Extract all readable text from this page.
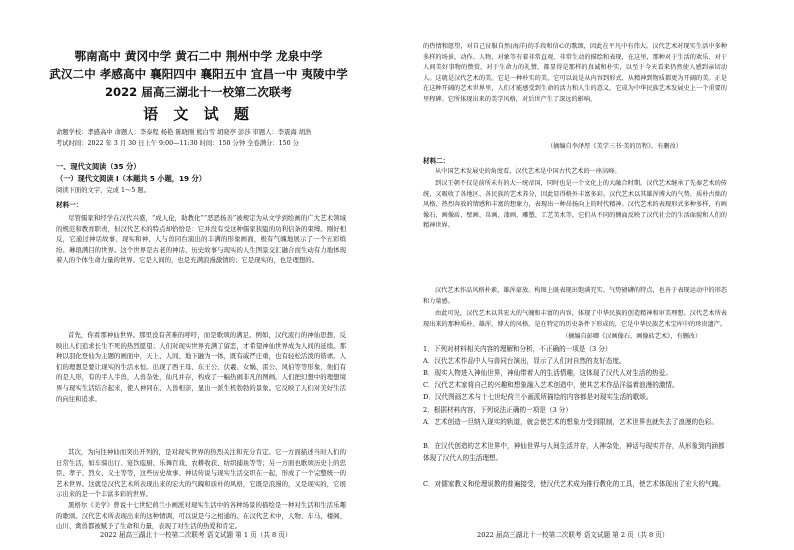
鄂南高中 黄冈中学 黄石二中 荆州中学 龙泉中学
武汉二中 孝感高中 襄阳四中 襄阳五中 宜昌一中 夷陵中学
2022 届高三湖北十一校第二次联考
语 文 试 题
命题学校：孝感高中 命题人：李泰程 杨艳 陈晓刚 熊白雪 胡晓亭 彭莎 审题人：李震海 胡浩
考试时间：2022 年 3 月 30 日上午 9:00—11:30 时间：150 分钟 全卷满分：150 分
一、现代文阅读（35 分）
（一）现代文阅读 I（本题共 5 小题，19 分）
阅读下面的文字，完成 1～5 题。
材料一：
尽管儒家和经学在汉代兴盛，“成人伦，助教化”“恶恶扬善”被规定为从文学到绘画的广大艺术领域的规范和教育职责，但汉代艺术的特点却恰恰是：它并没有受这种儒家狭隘的功利信条的束缚。刚好相反，它通过神话故事、现实和神、人与兽同台演出的丰满的形象画面，极有气魄地展示了一个五彩缤纷、琳琅满目的世界。这个世界是古老的神话、历史故事与现实的人生图景交汇融合而生动有力地体现着人的个体生命力量的世界。它是人间的，也是充满浪漫激情的；它是现实的，也是理想的。
首先，你看那神仙世界。那里没有苦难的呼吁，而是歌颂的满足。例如，汉代流行的神仙思想，反映出人们追求长生不死的热烈愿望；人们对现实世界充满了留恋，才希望神仙世界成为人间的延续。那种以羽化登仙为主题的画面中，天上、人间、地下融为一体，既有威严庄重，也有轻松活泼的谐谑。人们的理想是要让现实的生活永恒。出现了西王母、东王公、伏羲、女娲、雷公、风伯等等形象，他们有的是人形，有的半人半兽，人兽杂处，仙凡并存，构成了一幅热闹非凡的图画。人们把幻想中的理想境界与现实生活结合起来，使人神同在、人兽相亲，显出一派生机勃勃的景象。它反映了人们对美好生活的向往和追求。
其次，为向往神仙而突出开列的，是对现实世界的热烈关注和充分肯定。它一方面描述当时人们的日常生活，如车骑出行、宴饮庖厨、乐舞百戏、农耕收获、纺织捕鱼等等；另一方面也歌颂历史上的忠臣、孝子、烈女、义士等等，这些历史故事、神话传说与现实生活交织在一起，形成了一个完整统一的艺术世界。这就是汉代艺术所表现出来的宏大的气魄和质朴的风格，它既是浪漫的，又是现实的，它展示出来的是一个丰富多彩的世界。
黑格尔《美学》曾说十七世纪荷兰小画派对现实生活中的各种场景的描绘是一种对生活和生活乐趣的歌颂。汉代艺术所表现出来的这种情调，可以说是与之相通的。在汉代艺术中，人物、车马、楼阁、山川、禽兽都被赋予了生命和力量，表现了对生活的热爱和肯定。
2022 届高三湖北十一校第二次联考 语文试题 第 1 页（共 8 页）
的热情和愿望，对自己征服自然(海洋)的手段和信心的歌颂，因此在平凡中有伟大。汉代艺术对现实生活中多种多样的场景，动作、人物、对象等有着非常直观、非常生动的描绘和表现，在这里，那种对于生活的欢乐、对于人间美好事物的赞赏，对于生命力的礼赞，都显得是那样的真诚和朴实，以至于今天看来仍然使人感到亲切动人。这就是汉代艺术的美。它是一种朴实的美，它可以说是从内容到形式、从精神到物质都更为开阔的美。正是在这种开阔的艺术世界里，人们才能感受到生命的活力和人生的意义，它成为中华民族艺术发展史上一个重要的里程碑。它所体现出来的美学风格，对后世产生了深远的影响。
（摘编自李泽厚《美学三书·美的历程》，有删改）
材料二：
从中国艺术发展史的角度看，汉代艺术是中国古代艺术的一座高峰。
到汉王朝不仅是前所未有的大一统帝国，同时也是一个文化上的大融合时期。汉代艺术继承了先秦艺术的传统，又吸收了各地区、各民族的艺术养分，因此显得格外丰富多彩。汉代艺术以其雄浑博大的气势、质朴古拙的风格、热烈奔放的情感和丰富的想象力，表现出一种昂扬向上的时代精神。汉代艺术的表现形式多种多样，有画像石、画像砖、壁画、帛画、漆画、雕塑、工艺美术等，它们从不同的侧面反映了汉代社会的生活面貌和人们的精神世界。
汉代艺术作品风格朴素，雄浑豪放。构图上既表现出饱满充实、气势磅礴的特点，也善于表现运动中的形态和力量感。
由此可见，汉代艺术以其宏大的气魄和丰富的内容，体现了中华民族的创造精神和审美理想。汉代艺术所表现出来的那种质朴、雄浑、博大的风格，是在特定的历史条件下形成的，它是中华民族艺术宝库中的珍贵遗产。
（摘编自彭卿《汉画像石、画像砖艺术》，有删改）
1．下列对材料相关内容的理解和分析，不正确的一项是（3 分）
A．汉代艺术作品中人与兽同台演出，显示了人们对自然的友好态度。
B．现实人物进入神仙世界，神仙带着人的生活情趣，这体现了汉代人对生活的热爱。
C．汉代艺术家将自己的兴趣和想象融入艺术创造中，使其艺术作品洋溢着浪漫的激情。
D．汉代图画艺术与十七世纪荷兰小画派所描绘的内容都是对现实生活的歌颂。
2．根据材料内容，下列说法正确的一项是（3 分）
A．艺术创造一旦纳入现实的轨道，就会使艺术的想象力受到限制，艺术世界也就失去了浪漫的色彩。
B．在汉代创造的艺术世界中，神仙世界与人间生活并存，人神杂处，神话与现实并存，从形象到内涵都体现了汉代人的生活理想。
C．对儒家教义和伦理说教的普遍接受，使汉代艺术成为推行教化的工具，使艺术体现出了宏大的气魄。
2022 届高三湖北十一校第二次联考 语文试题 第 2 页（共 8 页）
